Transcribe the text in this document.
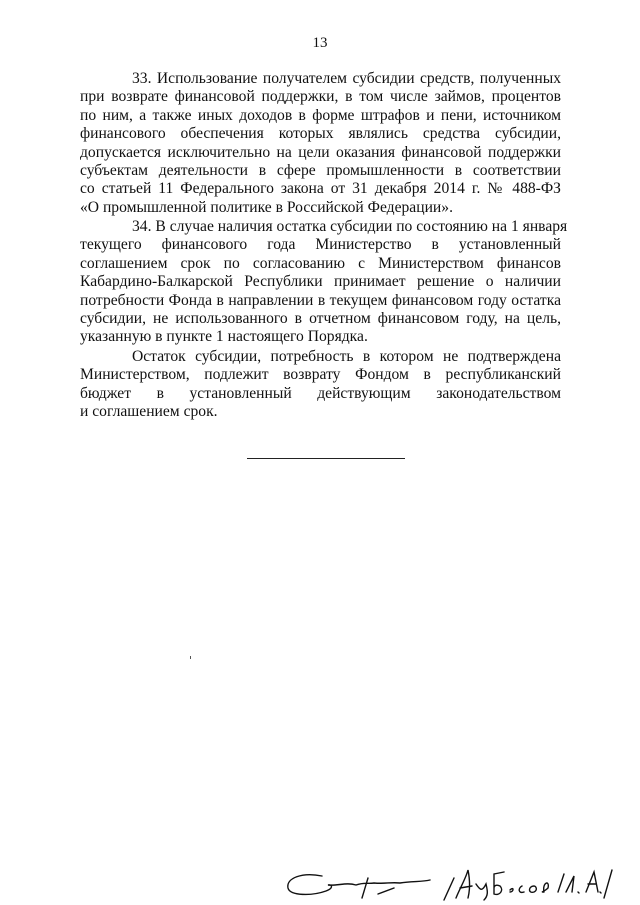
13
33. Использование получателем субсидии средств, полученных
при возврате финансовой поддержки, в том числе займов, процентов
по ним, а также иных доходов в форме штрафов и пени, источником
финансового обеспечения которых являлись средства субсидии,
допускается исключительно на цели оказания финансовой поддержки
субъектам деятельности в сфере промышленности в соответствии
со статьей 11 Федерального закона от 31 декабря 2014 г. № 488-ФЗ
«О промышленной политике в Российской Федерации».
34. В случае наличия остатка субсидии по состоянию на 1 января
текущего финансового года Министерство в установленный
соглашением срок по согласованию с Министерством финансов
Кабардино-Балкарской Республики принимает решение о наличии
потребности Фонда в направлении в текущем финансовом году остатка
субсидии, не использованного в отчетном финансовом году, на цель,
указанную в пункте 1 настоящего Порядка.
Остаток субсидии, потребность в котором не подтверждена
Министерством, подлежит возврату Фондом в республиканский
бюджет в установленный действующим законодательством
и соглашением срок.
